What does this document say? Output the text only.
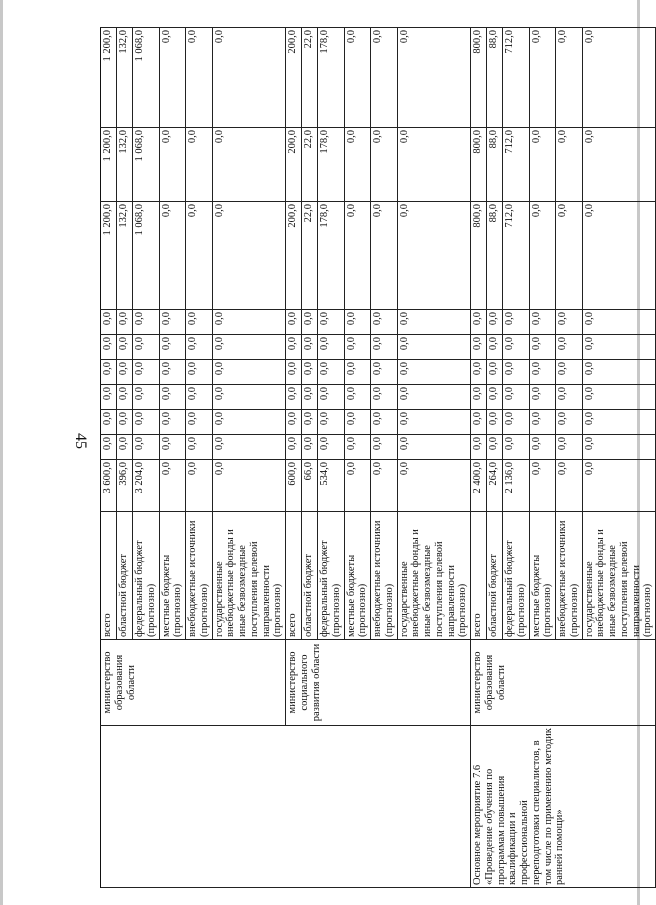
45
	министерство образования области	всего	3 600,0	0,0	0,0	0,0	0,0	0,0	0,0	1 200,0	1 200,0	1 200,0
		областной бюджет	396,0	0,0	0,0	0,0	0,0	0,0	0,0	132,0	132,0	132,0
		федеральный бюджет (прогнозно)	3 204,0	0,0	0,0	0,0	0,0	0,0	0,0	1 068,0	1 068,0	1 068,0
		местные бюджеты (прогнозно)	0,0	0,0	0,0	0,0	0,0	0,0	0,0	0,0	0,0	0,0
		внебюджетные источники (прогнозно)	0,0	0,0	0,0	0,0	0,0	0,0	0,0	0,0	0,0	0,0
		государственные внебюджетные фонды и иные безвозмездные поступления целевой направленности (прогнозно)	0,0	0,0	0,0	0,0	0,0	0,0	0,0	0,0	0,0	0,0
	министерство социального развития области	всего	600,0	0,0	0,0	0,0	0,0	0,0	0,0	200,0	200,0	200,0
		областной бюджет	66,0	0,0	0,0	0,0	0,0	0,0	0,0	22,0	22,0	22,0
		федеральный бюджет (прогнозно)	534,0	0,0	0,0	0,0	0,0	0,0	0,0	178,0	178,0	178,0
		местные бюджеты (прогнозно)	0,0	0,0	0,0	0,0	0,0	0,0	0,0	0,0	0,0	0,0
		внебюджетные источники (прогнозно)	0,0	0,0	0,0	0,0	0,0	0,0	0,0	0,0	0,0	0,0
		государственные внебюджетные фонды и иные безвозмездные поступления целевой направленности (прогнозно)	0,0	0,0	0,0	0,0	0,0	0,0	0,0	0,0	0,0	0,0
Основное мероприятие 7.6 «Проведение обучения по программам повышения квалификации и профессиональной переподготовки специалистов, в том числе по применению методик ранней помощи»	министерство образования области	всего	2 400,0	0,0	0,0	0,0	0,0	0,0	0,0	800,0	800,0	800,0
		областной бюджет	264,0	0,0	0,0	0,0	0,0	0,0	0,0	88,0	88,0	88,0
		федеральный бюджет (прогнозно)	2 136,0	0,0	0,0	0,0	0,0	0,0	0,0	712,0	712,0	712,0
		местные бюджеты (прогнозно)	0,0	0,0	0,0	0,0	0,0	0,0	0,0	0,0	0,0	0,0
		внебюджетные источники (прогнозно)	0,0	0,0	0,0	0,0	0,0	0,0	0,0	0,0	0,0	0,0
		государственные внебюджетные фонды и иные безвозмездные поступления целевой направленности (прогнозно)	0,0	0,0	0,0	0,0	0,0	0,0	0,0	0,0	0,0	0,0
